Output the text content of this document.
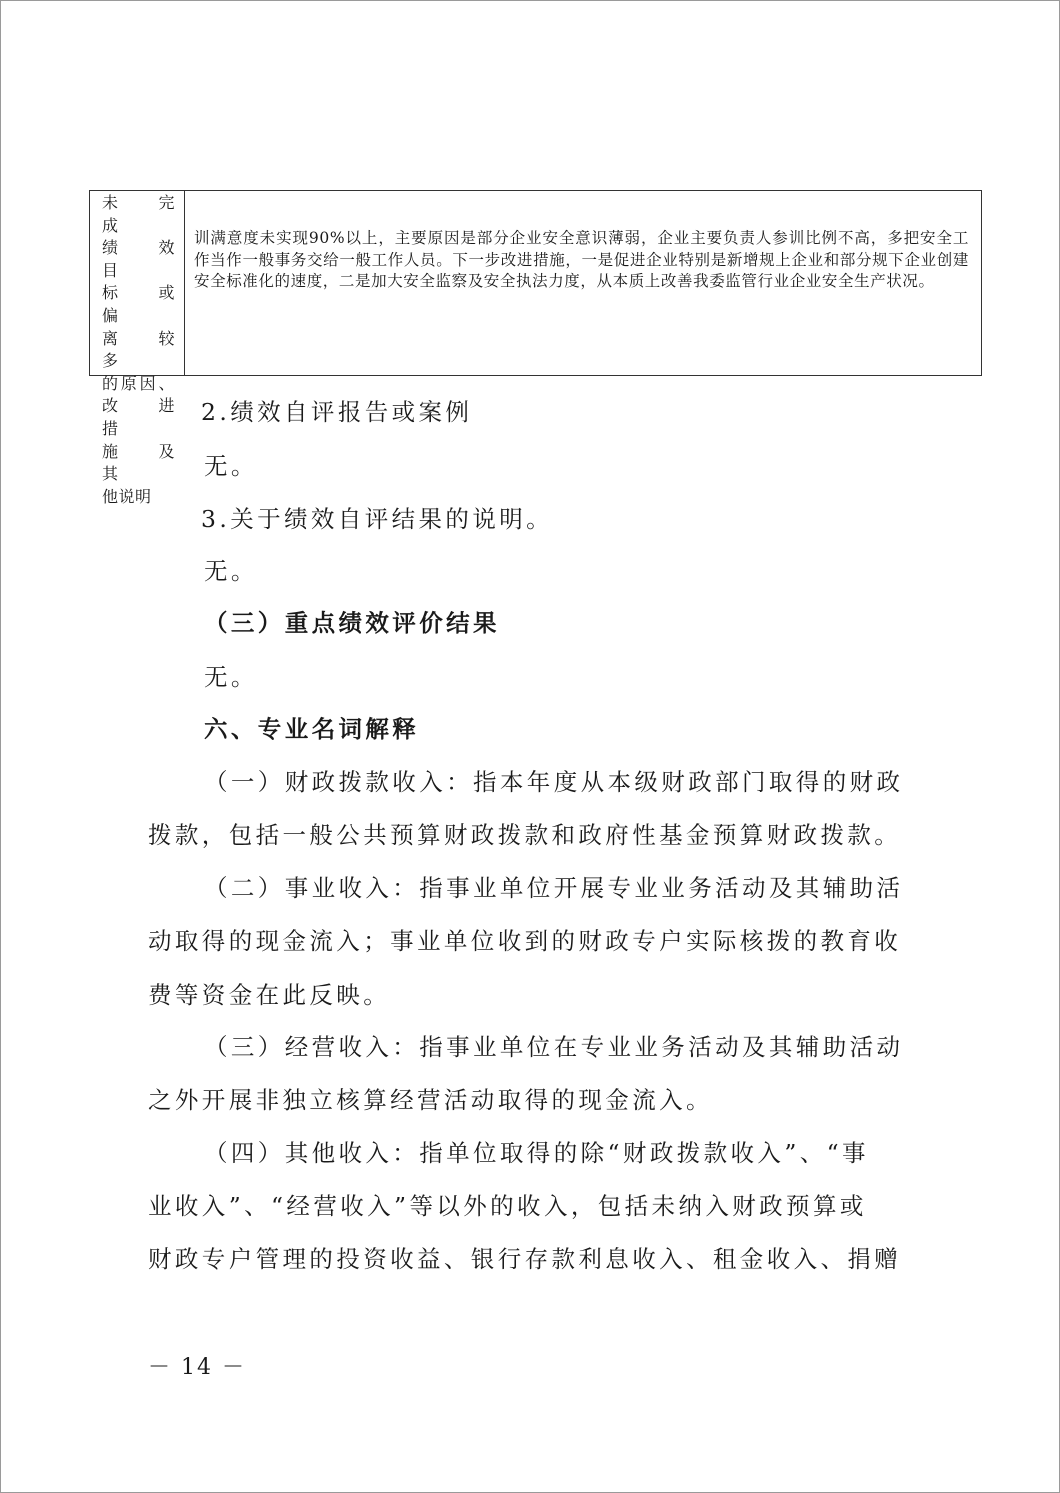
未　完　成
绩　效　目
标　或　偏
离　较　多
的原因、
改　进　措
施　及　其
他说明
训满意度未实现90%以上，主要原因是部分企业安全意识薄弱，企业主要负责人参训比例不高，多把安全工作当作一般事务交给一般工作人员。下一步改进措施，一是促进企业特别是新增规上企业和部分规下企业创建安全标准化的速度，二是加大安全监察及安全执法力度，从本质上改善我委监管行业企业安全生产状况。
2.绩效自评报告或案例
无。
3.关于绩效自评结果的说明。
无。
（三）重点绩效评价结果
无。
六、专业名词解释
（一）财政拨款收入：指本年度从本级财政部门取得的财政
拨款，包括一般公共预算财政拨款和政府性基金预算财政拨款。
（二）事业收入：指事业单位开展专业业务活动及其辅助活
动取得的现金流入；事业单位收到的财政专户实际核拨的教育收
费等资金在此反映。
（三）经营收入：指事业单位在专业业务活动及其辅助活动
之外开展非独立核算经营活动取得的现金流入。
（四）其他收入：指单位取得的除“财政拨款收入”、“事
业收入”、“经营收入”等以外的收入，包括未纳入财政预算或
财政专户管理的投资收益、银行存款利息收入、租金收入、捐赠
－ 14 －
